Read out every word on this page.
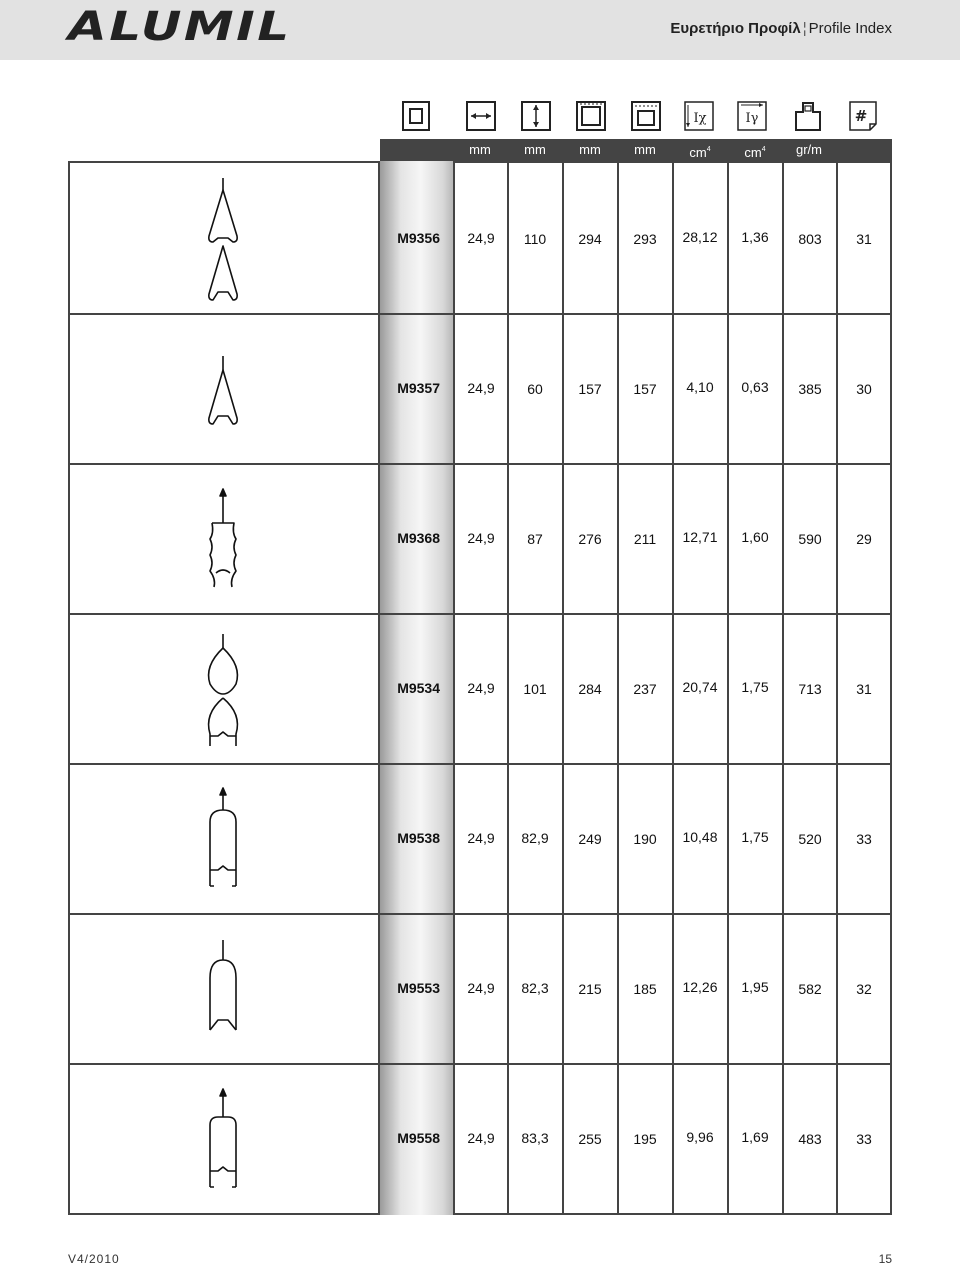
ALUMIL	Ευρετήριο Προφίλ ¦ Profile Index
Iχ	Iγ	#
mm	mm	mm	mm	$cm^4$	$cm^4$	gr/m
M9356	24,9	110	294	293	28,12	1,36	803	31
M9357	24,9	60	157	157	4,10	0,63	385	30
M9368	24,9	87	276	211	12,71	1,60	590	29
M9534	24,9	101	284	237	20,74	1,75	713	31
M9538	24,9	82,9	249	190	10,48	1,75	520	33
M9553	24,9	82,3	215	185	12,26	1,95	582	32
M9558	24,9	83,3	255	195	9,96	1,69	483	33
V4/2010	15
